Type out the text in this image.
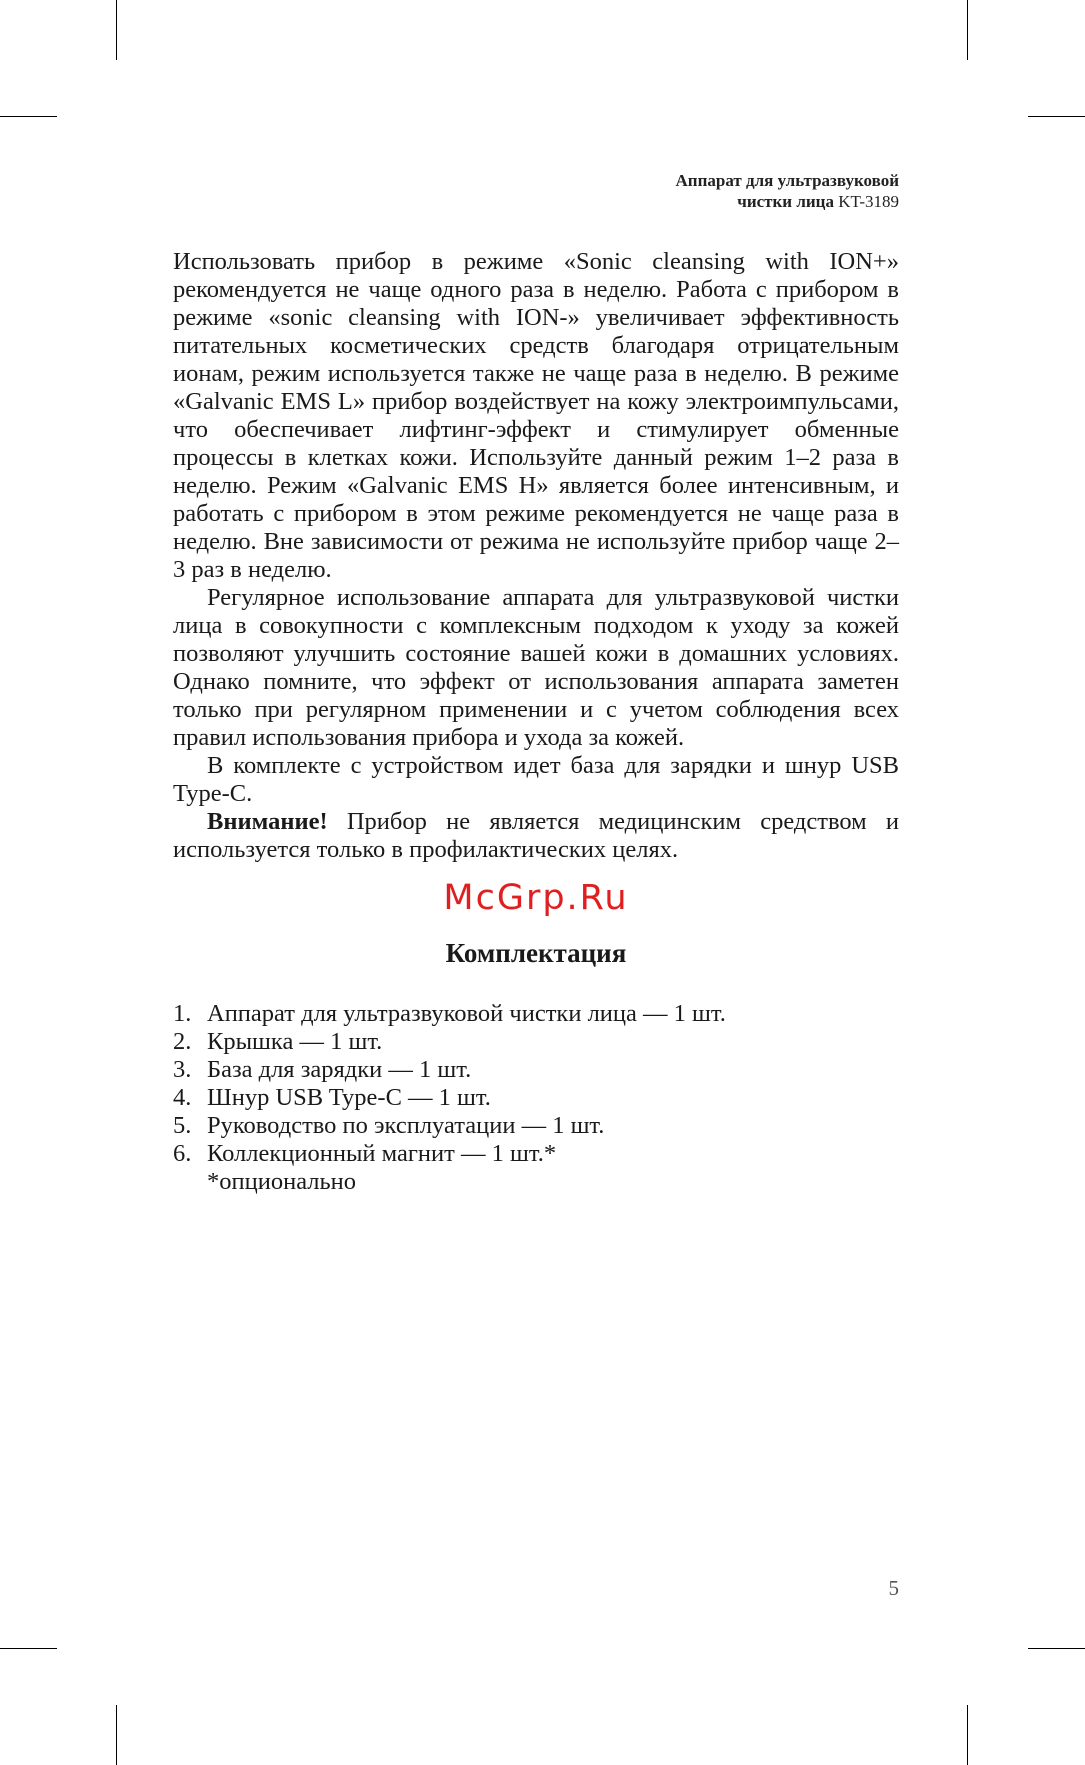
Аппарат для ультразвуковой
чистки лица KT-3189

Использовать прибор в режиме «Sonic cleansing with ION+» рекомендуется не чаще одного раза в неделю. Работа с прибором в режиме «sonic cleansing with ION-» увеличивает эффективность питательных косметических средств благодаря отрицательным ионам, режим используется также не чаще раза в неделю. В режиме «Galvanic EMS L» прибор воздействует на кожу электроимпульсами, что обеспечивает лифтинг-эффект и стимулирует обменные процессы в клетках кожи. Используйте данный режим 1–2 раза в неделю. Режим «Galvanic EMS H» является более интенсивным, и работать с прибором в этом режиме рекомендуется не чаще раза в неделю. Вне зависимости от режима не используйте прибор чаще 2–3 раз в неделю.

Регулярное использование аппарата для ультразвуковой чистки лица в совокупности с комплексным подходом к уходу за кожей позволяют улучшить состояние вашей кожи в домашних условиях. Однако помните, что эффект от использования аппарата заметен только при регулярном применении и с учетом соблюдения всех правил использования прибора и ухода за кожей.

В комплекте с устройством идет база для зарядки и шнур USB Type-C.

Внимание! Прибор не является медицинским средством и используется только в профилактических целях.

McGrp.Ru
Комплектация
1. Аппарат для ультразвуковой чистки лица — 1 шт.
2. Крышка — 1 шт.
3. База для зарядки — 1 шт.
4. Шнур USB Type-C — 1 шт.
5. Руководство по эксплуатации — 1 шт.
6. Коллекционный магнит — 1 шт.*
*опционально
5
